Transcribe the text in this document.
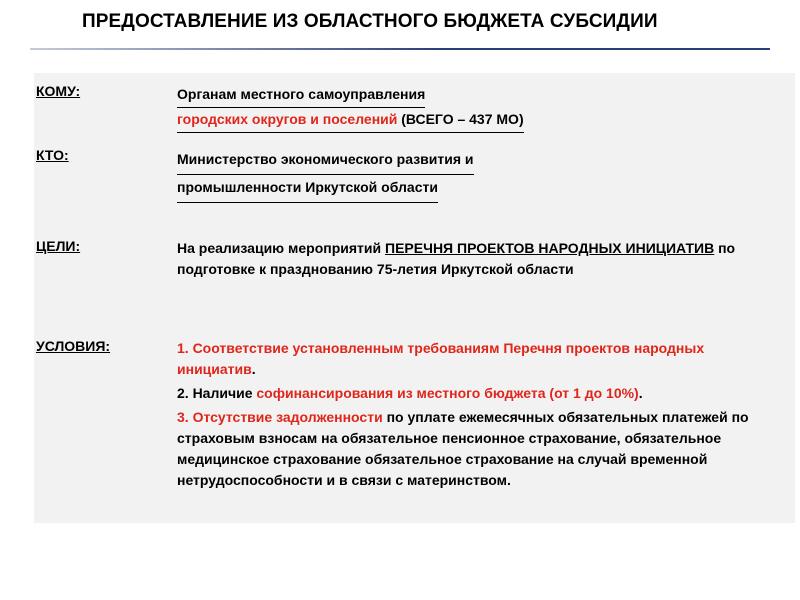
ПРЕДОСТАВЛЕНИЕ ИЗ ОБЛАСТНОГО БЮДЖЕТА СУБСИДИИ
КОМУ:	Органам местного самоуправления
городских округов и поселений (ВСЕГО – 437 МО)
КТО:	Министерство экономического развития и
промышленности Иркутской области
ЦЕЛИ:	На реализацию мероприятий ПЕРЕЧНЯ ПРОЕКТОВ НАРОДНЫХ ИНИЦИАТИВ по подготовке к празднованию 75-летия Иркутской области
УСЛОВИЯ:	1. Соответствие установленным требованиям Перечня проектов народных инициатив.
2. Наличие софинансирования из местного бюджета (от 1 до 10%).
3. Отсутствие задолженности по уплате ежемесячных обязательных платежей по страховым взносам на обязательное пенсионное страхование, обязательное медицинское страхование обязательное страхование на случай временной нетрудоспособности и в связи с материнством.
